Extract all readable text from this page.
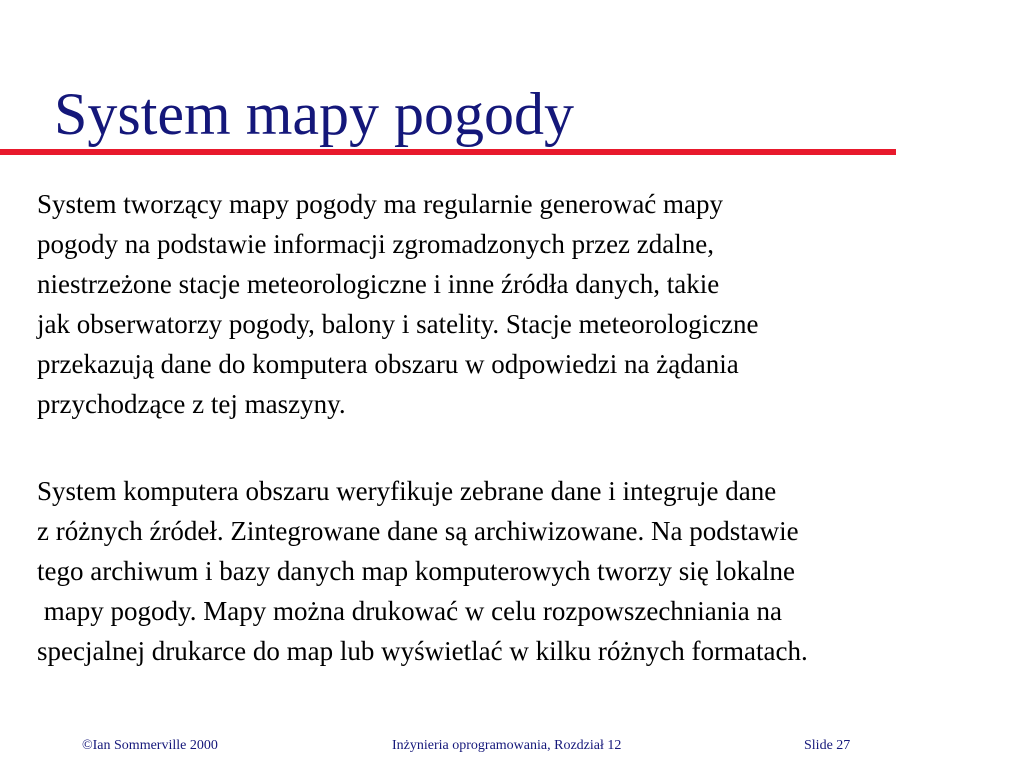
System mapy pogody

System tworzący mapy pogody ma regularnie generować mapy
pogody na podstawie informacji zgromadzonych przez zdalne,
niestrzeżone stacje meteorologiczne i inne źródła danych, takie
jak obserwatorzy pogody, balony i satelity. Stacje meteorologiczne
przekazują dane do komputera obszaru w odpowiedzi na żądania
przychodzące z tej maszyny.

System komputera obszaru weryfikuje zebrane dane i integruje dane
z różnych źródeł. Zintegrowane dane są archiwizowane. Na podstawie
tego archiwum i bazy danych map komputerowych tworzy się lokalne
mapy pogody. Mapy można drukować w celu rozpowszechniania na
specjalnej drukarce do map lub wyświetlać w kilku różnych formatach.

©Ian Sommerville 2000	Inżynieria oprogramowania, Rozdział 12	Slide 27
